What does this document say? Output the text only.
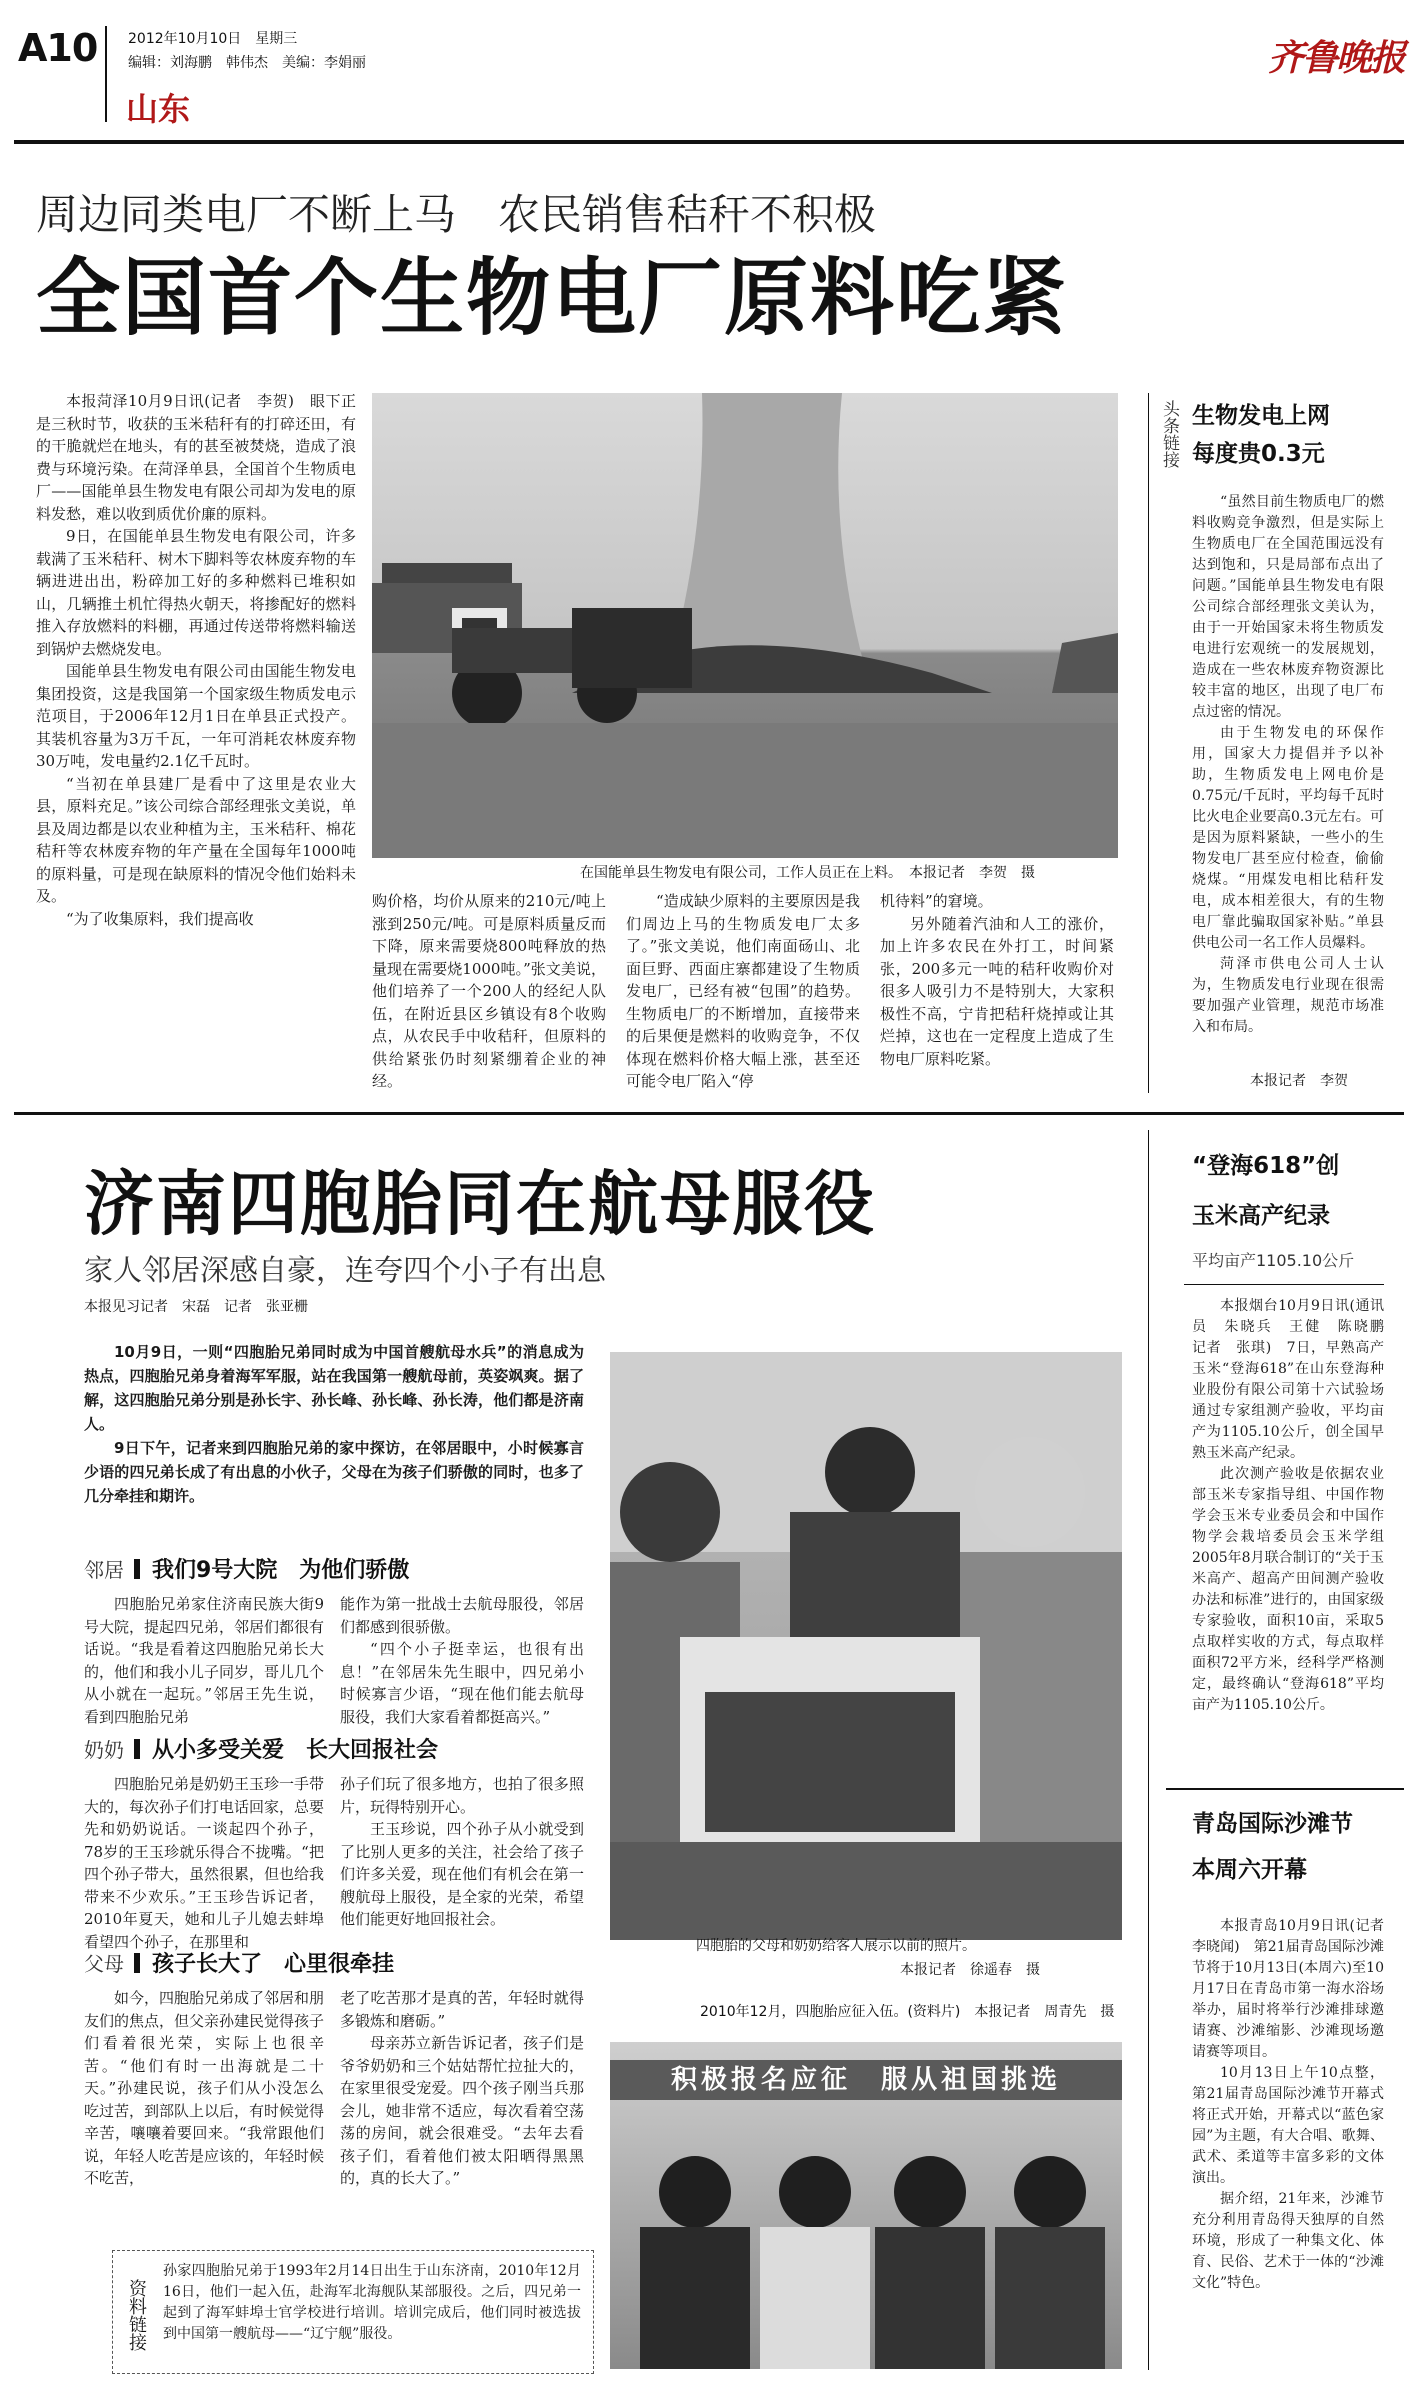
A10 2012年10月10日　星期三
编辑：刘海鹏　韩伟杰　美编：李娟丽
山东
齐鲁晚报
周边同类电厂不断上马　农民销售秸秆不积极
全国首个生物电厂原料吃紧

本报菏泽10月9日讯(记者　李贺)　眼下正是三秋时节，收获的玉米秸秆有的打碎还田，有的干脆就烂在地头，有的甚至被焚烧，造成了浪费与环境污染。在菏泽单县，全国首个生物质电厂——国能单县生物发电有限公司却为发电的原料发愁，难以收到质优价廉的原料。

9日，在国能单县生物发电有限公司，许多载满了玉米秸秆、树木下脚料等农林废弃物的车辆进进出出，粉碎加工好的多种燃料已堆积如山，几辆推土机忙得热火朝天，将掺配好的燃料推入存放燃料的料棚，再通过传送带将燃料输送到锅炉去燃烧发电。

国能单县生物发电有限公司由国能生物发电集团投资，这是我国第一个国家级生物质发电示范项目，于2006年12月1日在单县正式投产。其装机容量为3万千瓦，一年可消耗农林废弃物30万吨，发电量约2.1亿千瓦时。

“当初在单县建厂是看中了这里是农业大县，原料充足。”该公司综合部经理张文美说，单县及周边都是以农业种植为主，玉米秸秆、棉花秸秆等农林废弃物的年产量在全国每年1000吨的原料量，可是现在缺原料的情况令他们始料未及。

“为了收集原料，我们提高收

在国能单县生物发电有限公司，工作人员正在上料。　本报记者　李贺　摄

购价格，均价从原来的210元/吨上涨到250元/吨。可是原料质量反而下降，原来需要烧800吨释放的热量现在需要烧1000吨。”张文美说，他们培养了一个200人的经纪人队伍，在附近县区乡镇设有8个收购点，从农民手中收秸秆，但原料的供给紧张仍时刻紧绷着企业的神经。

“造成缺少原料的主要原因是我们周边上马的生物质发电厂太多了。”张文美说，他们南面砀山、北面巨野、西面庄寨都建设了生物质发电厂，已经有被“包围”的趋势。生物质电厂的不断增加，直接带来的后果便是燃料的收购竞争，不仅体现在燃料价格大幅上涨，甚至还可能令电厂陷入“停

机待料”的窘境。

另外随着汽油和人工的涨价，加上许多农民在外打工，时间紧张，200多元一吨的秸秆收购价对很多人吸引力不是特别大，大家积极性不高，宁肯把秸秆烧掉或让其烂掉，这也在一定程度上造成了生物电厂原料吃紧。

头条链接 生物发电上网
每度贵0.3元

“虽然目前生物质电厂的燃料收购竞争激烈，但是实际上生物质电厂在全国范围远没有达到饱和，只是局部布点出了问题。”国能单县生物发电有限公司综合部经理张文美认为，由于一开始国家未将生物质发电进行宏观统一的发展规划，造成在一些农林废弃物资源比较丰富的地区，出现了电厂布点过密的情况。

由于生物发电的环保作用，国家大力提倡并予以补助，生物质发电上网电价是0.75元/千瓦时，平均每千瓦时比火电企业要高0.3元左右。可是因为原料紧缺，一些小的生物发电厂甚至应付检查，偷偷烧煤。“用煤发电相比秸秆发电，成本相差很大，有的生物电厂靠此骗取国家补贴。”单县供电公司一名工作人员爆料。

菏泽市供电公司人士认为，生物质发电行业现在很需要加强产业管理，规范市场准入和布局。

本报记者　李贺
济南四胞胎同在航母服役
家人邻居深感自豪，连夸四个小子有出息
本报见习记者　宋磊　记者　张亚栅

10月9日，一则“四胞胎兄弟同时成为中国首艘航母水兵”的消息成为热点，四胞胎兄弟身着海军军服，站在我国第一艘航母前，英姿飒爽。据了解，这四胞胎兄弟分别是孙长宇、孙长峰、孙长峰、孙长涛，他们都是济南人。

9日下午，记者来到四胞胎兄弟的家中探访，在邻居眼中，小时候寡言少语的四兄弟长成了有出息的小伙子，父母在为孩子们骄傲的同时，也多了几分牵挂和期许。

邻居 我们9号大院　为他们骄傲

四胞胎兄弟家住济南民族大街9号大院，提起四兄弟，邻居们都很有话说。“我是看着这四胞胎兄弟长大的，他们和我小儿子同岁，哥儿几个从小就在一起玩。”邻居王先生说，看到四胞胎兄弟

能作为第一批战士去航母服役，邻居们都感到很骄傲。

“四个小子挺幸运，也很有出息！”在邻居朱先生眼中，四兄弟小时候寡言少语，“现在他们能去航母服役，我们大家看着都挺高兴。”

奶奶 从小多受关爱　长大回报社会

四胞胎兄弟是奶奶王玉珍一手带大的，每次孙子们打电话回家，总要先和奶奶说话。一谈起四个孙子，78岁的王玉珍就乐得合不拢嘴。“把四个孙子带大，虽然很累，但也给我带来不少欢乐。”王玉珍告诉记者，2010年夏天，她和儿子儿媳去蚌埠看望四个孙子，在那里和

孙子们玩了很多地方，也拍了很多照片，玩得特别开心。

王玉珍说，四个孙子从小就受到了比别人更多的关注，社会给了孩子们许多关爱，现在他们有机会在第一艘航母上服役，是全家的光荣，希望他们能更好地回报社会。

父母 孩子长大了　心里很牵挂

如今，四胞胎兄弟成了邻居和朋友们的焦点，但父亲孙建民觉得孩子们看着很光荣，实际上也很辛苦。“他们有时一出海就是二十天。”孙建民说，孩子们从小没怎么吃过苦，到部队上以后，有时候觉得辛苦，嚷嚷着要回来。“我常跟他们说，年轻人吃苦是应该的，年轻时候不吃苦，

老了吃苦那才是真的苦，年轻时就得多锻炼和磨砺。”

母亲苏立新告诉记者，孩子们是爷爷奶奶和三个姑姑帮忙拉扯大的，在家里很受宠爱。四个孩子刚当兵那会儿，她非常不适应，每次看着空荡荡的房间，就会很难受。“去年去看孩子们，看着他们被太阳晒得黑黑的，真的长大了。”

资料链接
孙家四胞胎兄弟于1993年2月14日出生于山东济南，2010年12月16日，他们一起入伍，赴海军北海舰队某部服役。之后，四兄弟一起到了海军蚌埠士官学校进行培训。培训完成后，他们同时被选拔到中国第一艘航母——“辽宁舰”服役。
四胞胎的父母和奶奶给客人展示以前的照片。
本报记者　徐遥春　摄
2010年12月，四胞胎应征入伍。(资料片)　本报记者　周青先　摄
积极报名应征　服从祖国挑选
“登海618”创
玉米高产纪录
平均亩产1105.10公斤

本报烟台10月9日讯(通讯员　朱晓兵　王健　陈晓鹏　记者　张琪)　7日，早熟高产玉米“登海618”在山东登海种业股份有限公司第十六试验场通过专家组测产验收，平均亩产为1105.10公斤，创全国早熟玉米高产纪录。

此次测产验收是依据农业部玉米专家指导组、中国作物学会玉米专业委员会和中国作物学会栽培委员会玉米学组2005年8月联合制订的“关于玉米高产、超高产田间测产验收办法和标准”进行的，由国家级专家验收，面积10亩，采取5点取样实收的方式，每点取样面积72平方米，经科学严格测定，最终确认“登海618”平均亩产为1105.10公斤。

青岛国际沙滩节
本周六开幕

本报青岛10月9日讯(记者　李晓闻)　第21届青岛国际沙滩节将于10月13日(本周六)至10月17日在青岛市第一海水浴场举办，届时将举行沙滩排球邀请赛、沙滩缩影、沙滩现场邀请赛等项目。

10月13日上午10点整，第21届青岛国际沙滩节开幕式将正式开始，开幕式以“蓝色家园”为主题，有大合唱、歌舞、武术、柔道等丰富多彩的文体演出。

据介绍，21年来，沙滩节充分利用青岛得天独厚的自然环境，形成了一种集文化、体育、民俗、艺术于一体的“沙滩文化”特色。
